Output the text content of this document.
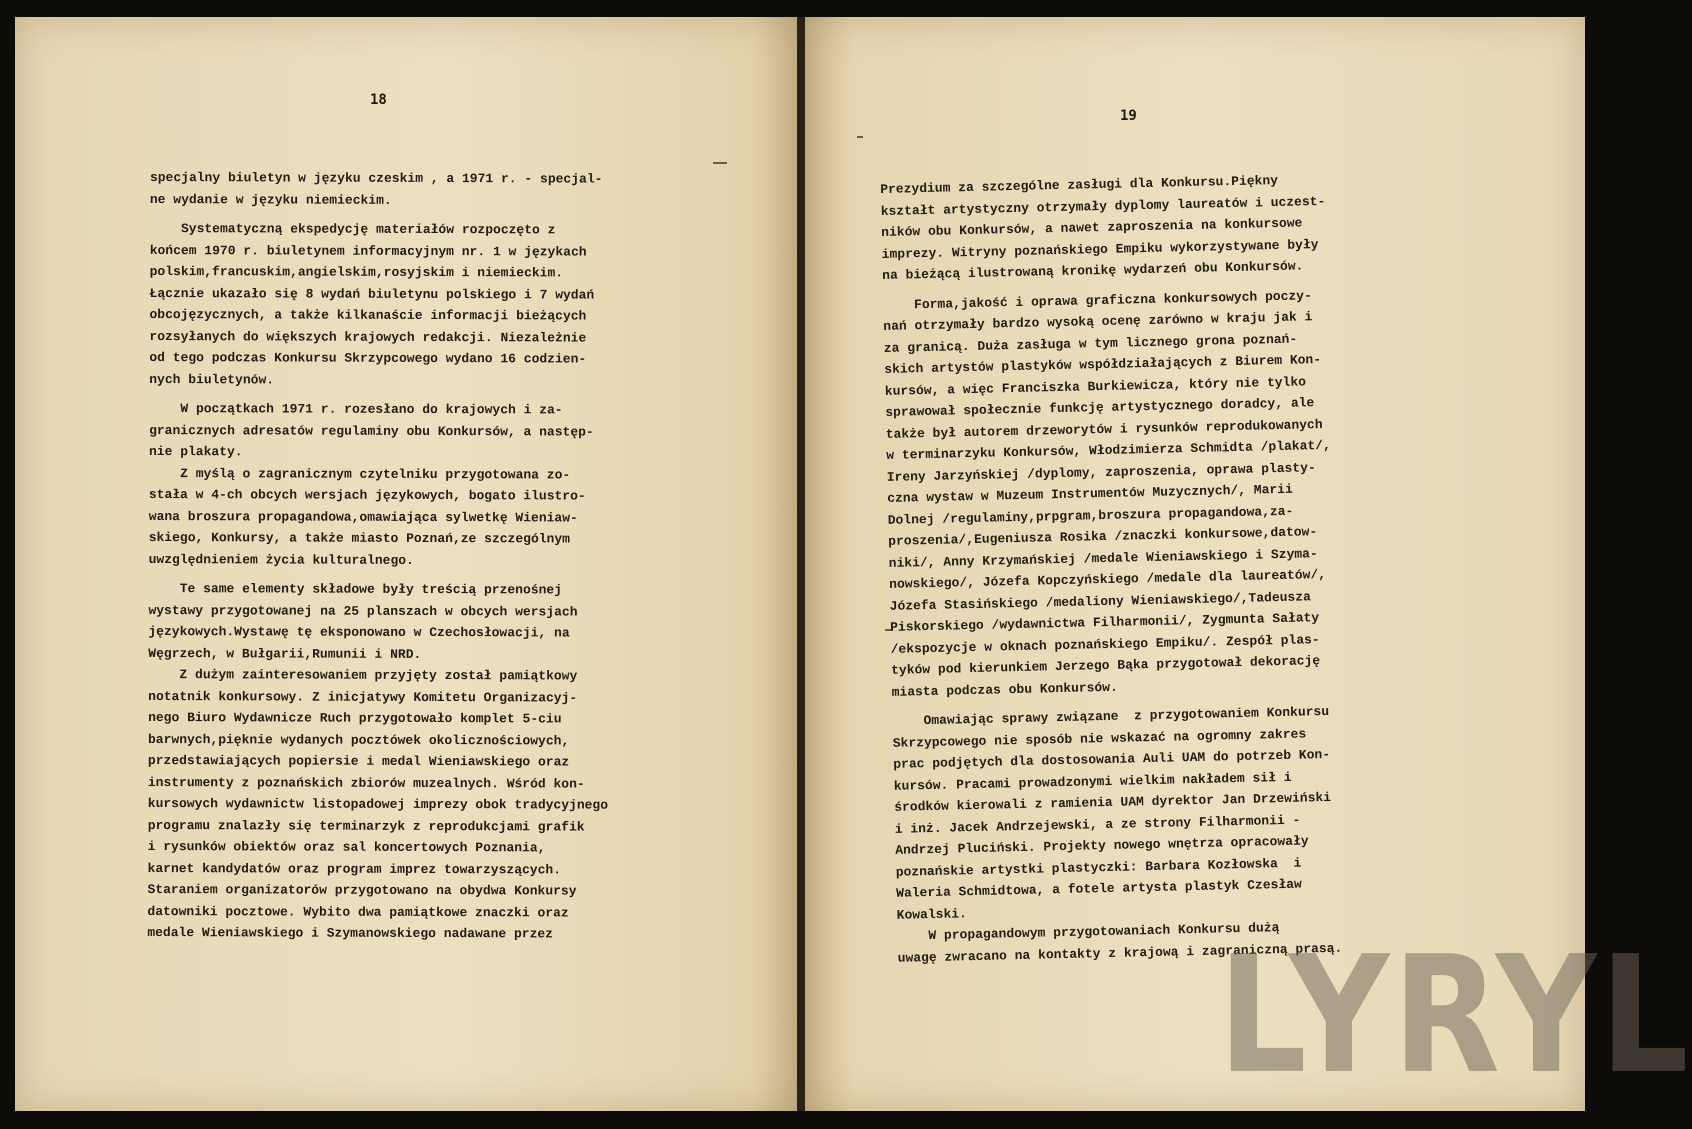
18
specjalny biuletyn w języku czeskim , a 1971 r. - specjal-
ne wydanie w języku niemieckim.
Systematyczną ekspedycję materiałów rozpoczęto z
końcem 1970 r. biuletynem informacyjnym nr. 1 w językach
polskim,francuskim,angielskim,rosyjskim i niemieckim.
Łącznie ukazało się 8 wydań biuletynu polskiego i 7 wydań
obcojęzycznych, a także kilkanaście informacji bieżących
rozsyłanych do większych krajowych redakcji. Niezależnie
od tego podczas Konkursu Skrzypcowego wydano 16 codzien-
nych biuletynów.
W początkach 1971 r. rozesłano do krajowych i za-
granicznych adresatów regulaminy obu Konkursów, a następ-
nie plakaty.
Z myślą o zagranicznym czytelniku przygotowana zo-
stała w 4-ch obcych wersjach językowych, bogato ilustro-
wana broszura propagandowa,omawiająca sylwetkę Wieniaw-
skiego, Konkursy, a także miasto Poznań,ze szczególnym
uwzględnieniem życia kulturalnego.
Te same elementy składowe były treścią przenośnej
wystawy przygotowanej na 25 planszach w obcych wersjach
językowych.Wystawę tę eksponowano w Czechosłowacji, na
Węgrzech, w Bułgarii,Rumunii i NRD.
Z dużym zainteresowaniem przyjęty został pamiątkowy
notatnik konkursowy. Z inicjatywy Komitetu Organizacyj-
nego Biuro Wydawnicze Ruch przygotowało komplet 5-ciu
barwnych,pięknie wydanych pocztówek okolicznościowych,
przedstawiających popiersie i medal Wieniawskiego oraz
instrumenty z poznańskich zbiorów muzealnych. Wśród kon-
kursowych wydawnictw listopadowej imprezy obok tradycyjnego
programu znalazły się terminarzyk z reprodukcjami grafik
i rysunków obiektów oraz sal koncertowych Poznania,
karnet kandydatów oraz program imprez towarzyszących.
Staraniem organizatorów przygotowano na obydwa Konkursy
datowniki pocztowe. Wybito dwa pamiątkowe znaczki oraz
medale Wieniawskiego i Szymanowskiego nadawane przez
19
Prezydium za szczególne zasługi dla Konkursu.Piękny
kształt artystyczny otrzymały dyplomy laureatów i uczest-
ników obu Konkursów, a nawet zaproszenia na konkursowe
imprezy. Witryny poznańskiego Empiku wykorzystywane były
na bieżącą ilustrowaną kronikę wydarzeń obu Konkursów.
Forma,jakość i oprawa graficzna konkursowych poczy-
nań otrzymały bardzo wysoką ocenę zarówno w kraju jak i
za granicą. Duża zasługa w tym licznego grona poznań-
skich artystów plastyków współdziałających z Biurem Kon-
kursów, a więc Franciszka Burkiewicza, który nie tylko
sprawował społecznie funkcję artystycznego doradcy, ale
także był autorem drzeworytów i rysunków reprodukowanych
w terminarzyku Konkursów, Włodzimierza Schmidta /plakat/,
Ireny Jarzyńskiej /dyplomy, zaproszenia, oprawa plasty-
czna wystaw w Muzeum Instrumentów Muzycznych/, Marii
Dolnej /regulaminy,prpgram,broszura propagandowa,za-
proszenia/,Eugeniusza Rosika /znaczki konkursowe,datow-
niki/, Anny Krzymańskiej /medale Wieniawskiego i Szyma-
nowskiego/, Józefa Kopczyńskiego /medale dla laureatów/,
Józefa Stasińskiego /medaliony Wieniawskiego/,Tadeusza
Piskorskiego /wydawnictwa Filharmonii/, Zygmunta Sałaty
/ekspozycje w oknach poznańskiego Empiku/. Zespół plas-
tyków pod kierunkiem Jerzego Bąka przygotował dekorację
miasta podczas obu Konkursów.
Omawiając sprawy związane  z przygotowaniem Konkursu
Skrzypcowego nie sposób nie wskazać na ogromny zakres
prac podjętych dla dostosowania Auli UAM do potrzeb Kon-
kursów. Pracami prowadzonymi wielkim nakładem sił i
środków kierowali z ramienia UAM dyrektor Jan Drzewiński
i inż. Jacek Andrzejewski, a ze strony Filharmonii -
Andrzej Pluciński. Projekty nowego wnętrza opracowały
poznańskie artystki plastyczki: Barbara Kozłowska  i
Waleria Schmidtowa, a fotele artysta plastyk Czesław
Kowalski.
W propagandowym przygotowaniach Konkursu dużą
uwagę zwracano na kontakty z krajową i zagraniczną prasą.
LYRYL
